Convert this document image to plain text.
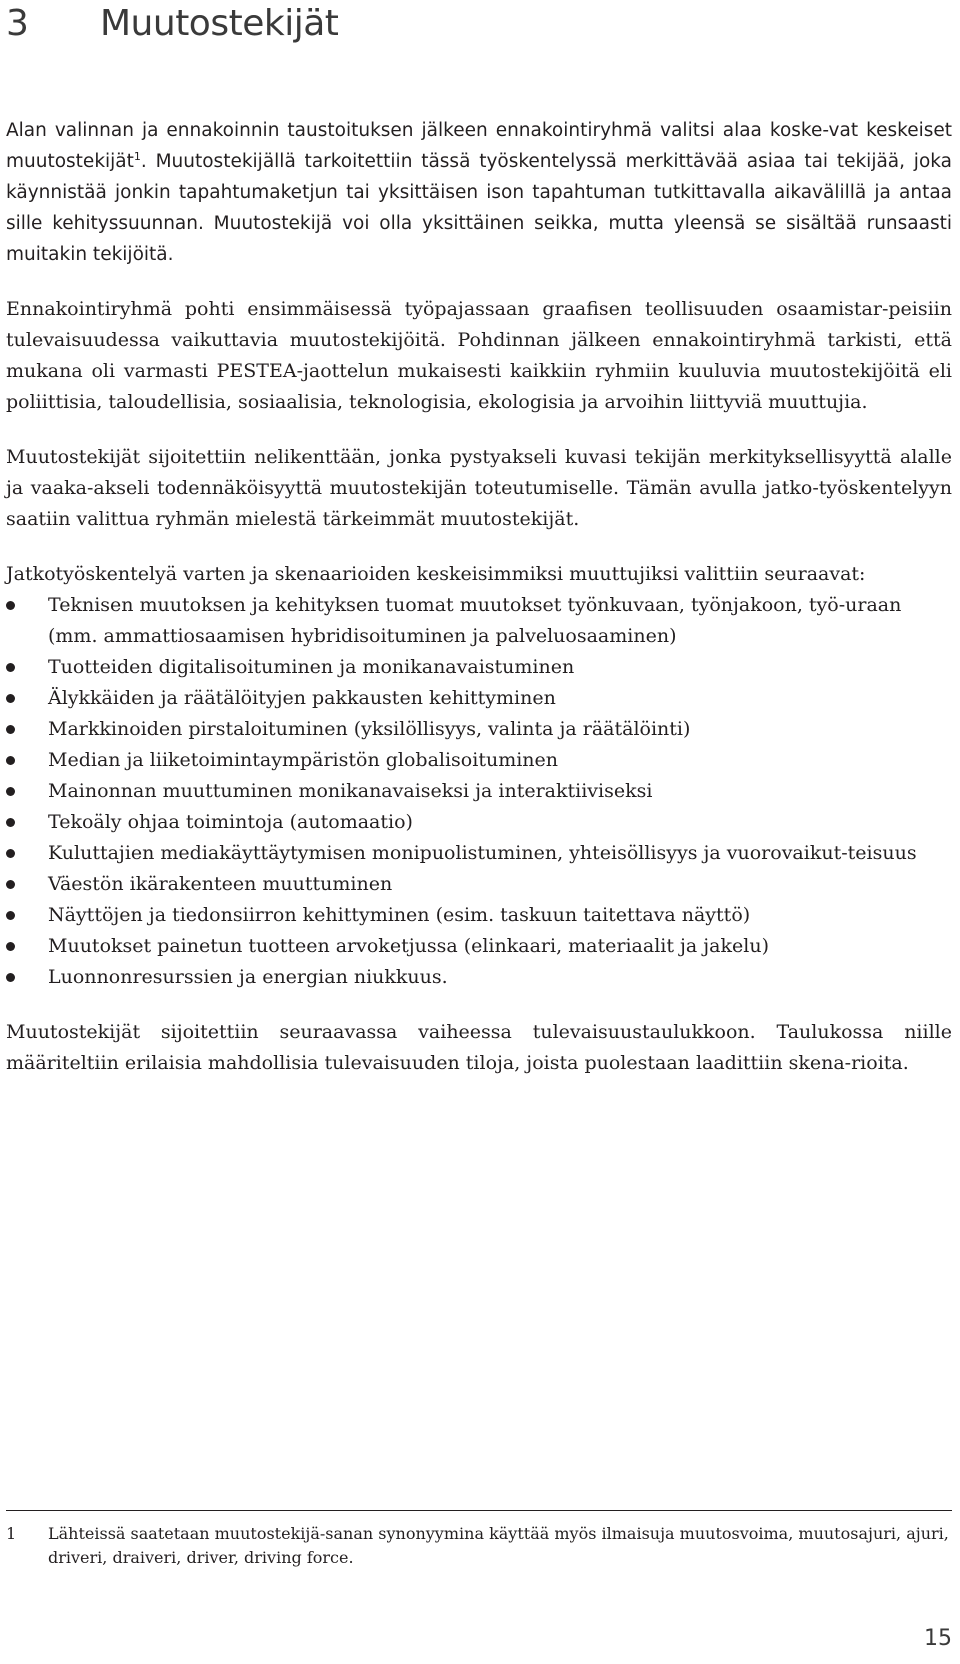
3 Muutostekijät

Alan valinnan ja ennakoinnin taustoituksen jälkeen ennakointiryhmä valitsi alaa koske-vat keskeiset muutostekijät$^1$. Muutostekijällä tarkoitettiin tässä työskentelyssä merkittävää asiaa tai tekijää, joka käynnistää jonkin tapahtumaketjun tai yksittäisen ison tapahtuman tutkittavalla aikavälillä ja antaa sille kehityssuunnan. Muutostekijä voi olla yksittäinen seikka, mutta yleensä se sisältää runsaasti muitakin tekijöitä.

Ennakointiryhmä pohti ensimmäisessä työpajassaan graafisen teollisuuden osaamistar-peisiin tulevaisuudessa vaikuttavia muutostekijöitä. Pohdinnan jälkeen ennakointiryhmä tarkisti, että mukana oli varmasti PESTEA-jaottelun mukaisesti kaikkiin ryhmiin kuuluvia muutostekijöitä eli poliittisia, taloudellisia, sosiaalisia, teknologisia, ekologisia ja arvoihin liittyviä muuttujia.

Muutostekijät sijoitettiin nelikenttään, jonka pystyakseli kuvasi tekijän merkityksellisyyttä alalle ja vaaka-akseli todennäköisyyttä muutostekijän toteutumiselle. Tämän avulla jatko-työskentelyyn saatiin valittua ryhmän mielestä tärkeimmät muutostekijät.

Jatkotyöskentelyä varten ja skenaarioiden keskeisimmiksi muuttujiksi valittiin seuraavat:

Teknisen muutoksen ja kehityksen tuomat muutokset työnkuvaan, työnjakoon, työ-uraan (mm. ammattiosaamisen hybridisoituminen ja palveluosaaminen)
Tuotteiden digitalisoituminen ja monikanavaistuminen
Älykkäiden ja räätälöityjen pakkausten kehittyminen
Markkinoiden pirstaloituminen (yksilöllisyys, valinta ja räätälöinti)
Median ja liiketoimintaympäristön globalisoituminen
Mainonnan muuttuminen monikanavaiseksi ja interaktiiviseksi
Tekoäly ohjaa toimintoja (automaatio)
Kuluttajien mediakäyttäytymisen monipuolistuminen, yhteisöllisyys ja vuorovaikut-teisuus
Väestön ikärakenteen muuttuminen
Näyttöjen ja tiedonsiirron kehittyminen (esim. taskuun taitettava näyttö)
Muutokset painetun tuotteen arvoketjussa (elinkaari, materiaalit ja jakelu)
Luonnonresurssien ja energian niukkuus.

Muutostekijät sijoitettiin seuraavassa vaiheessa tulevaisuustaulukkoon. Taulukossa niille määriteltiin erilaisia mahdollisia tulevaisuuden tiloja, joista puolestaan laadittiin skena-rioita.

1 Lähteissä saatetaan muutostekijä-sanan synonyymina käyttää myös ilmaisuja muutosvoima, muutosajuri, ajuri, driveri, draiveri, driver, driving force.
15
